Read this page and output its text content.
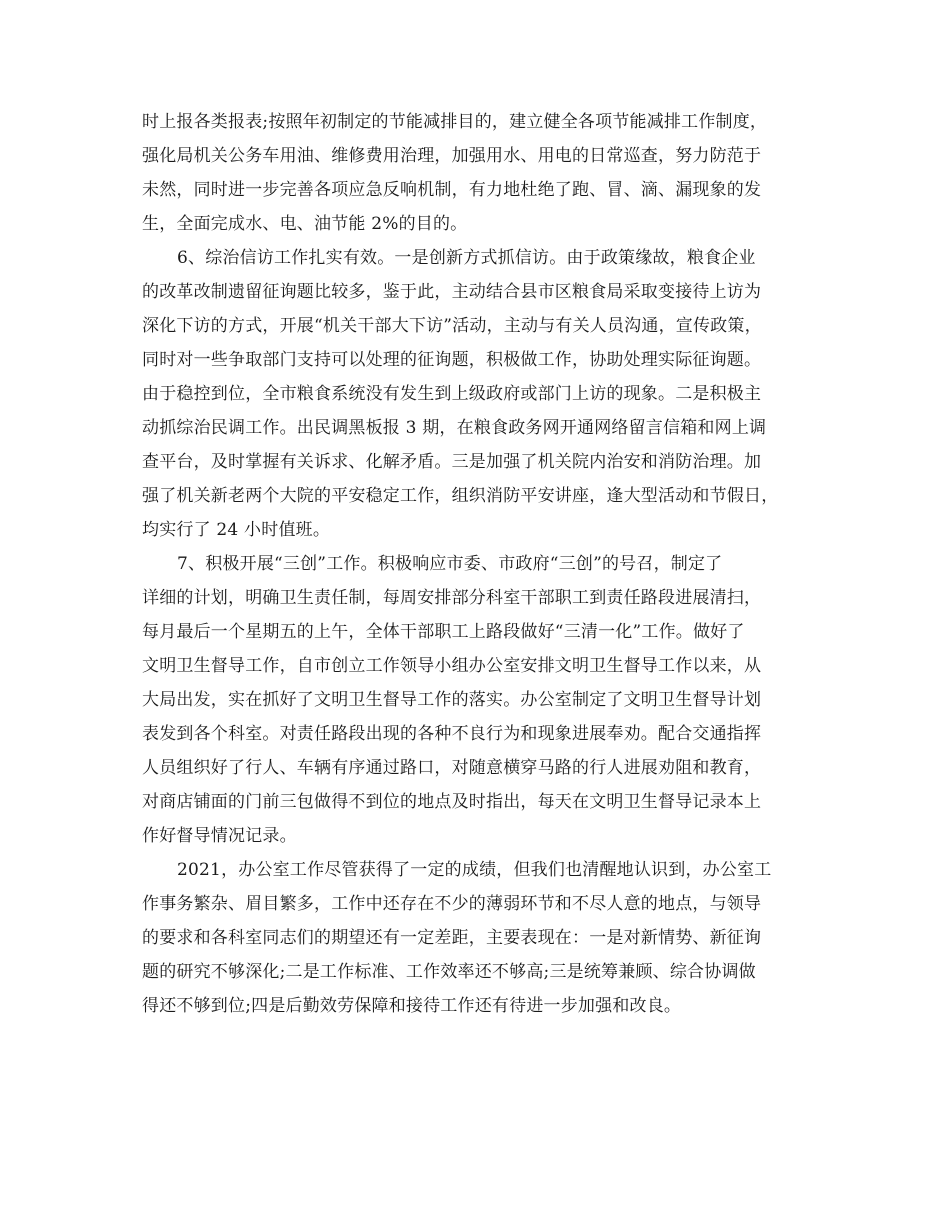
时上报各类报表;按照年初制定的节能减排目的，建立健全各项节能减排工作制度，
强化局机关公务车用油、维修费用治理，加强用水、用电的日常巡查，努力防范于
未然，同时进一步完善各项应急反响机制，有力地杜绝了跑、冒、滴、漏现象的发
生，全面完成水、电、油节能 2%的目的。

6、综治信访工作扎实有效。一是创新方式抓信访。由于政策缘故，粮食企业
的改革改制遗留征询题比较多，鉴于此，主动结合县市区粮食局采取变接待上访为
深化下访的方式，开展“机关干部大下访”活动，主动与有关人员沟通，宣传政策，
同时对一些争取部门支持可以处理的征询题，积极做工作，协助处理实际征询题。
由于稳控到位，全市粮食系统没有发生到上级政府或部门上访的现象。二是积极主
动抓综治民调工作。出民调黑板报 3 期，在粮食政务网开通网络留言信箱和网上调
查平台，及时掌握有关诉求、化解矛盾。三是加强了机关院内治安和消防治理。加
强了机关新老两个大院的平安稳定工作，组织消防平安讲座，逢大型活动和节假日，
均实行了 24 小时值班。

7、积极开展“三创”工作。积极响应市委、市政府“三创”的号召，制定了
详细的计划，明确卫生责任制，每周安排部分科室干部职工到责任路段进展清扫，
每月最后一个星期五的上午，全体干部职工上路段做好“三清一化”工作。做好了
文明卫生督导工作，自市创立工作领导小组办公室安排文明卫生督导工作以来，从
大局出发，实在抓好了文明卫生督导工作的落实。办公室制定了文明卫生督导计划
表发到各个科室。对责任路段出现的各种不良行为和现象进展奉劝。配合交通指挥
人员组织好了行人、车辆有序通过路口，对随意横穿马路的行人进展劝阻和教育，
对商店铺面的门前三包做得不到位的地点及时指出，每天在文明卫生督导记录本上
作好督导情况记录。

2021，办公室工作尽管获得了一定的成绩，但我们也清醒地认识到，办公室工
作事务繁杂、眉目繁多，工作中还存在不少的薄弱环节和不尽人意的地点，与领导
的要求和各科室同志们的期望还有一定差距，主要表现在：一是对新情势、新征询
题的研究不够深化;二是工作标准、工作效率还不够高;三是统筹兼顾、综合协调做
得还不够到位;四是后勤效劳保障和接待工作还有待进一步加强和改良。
